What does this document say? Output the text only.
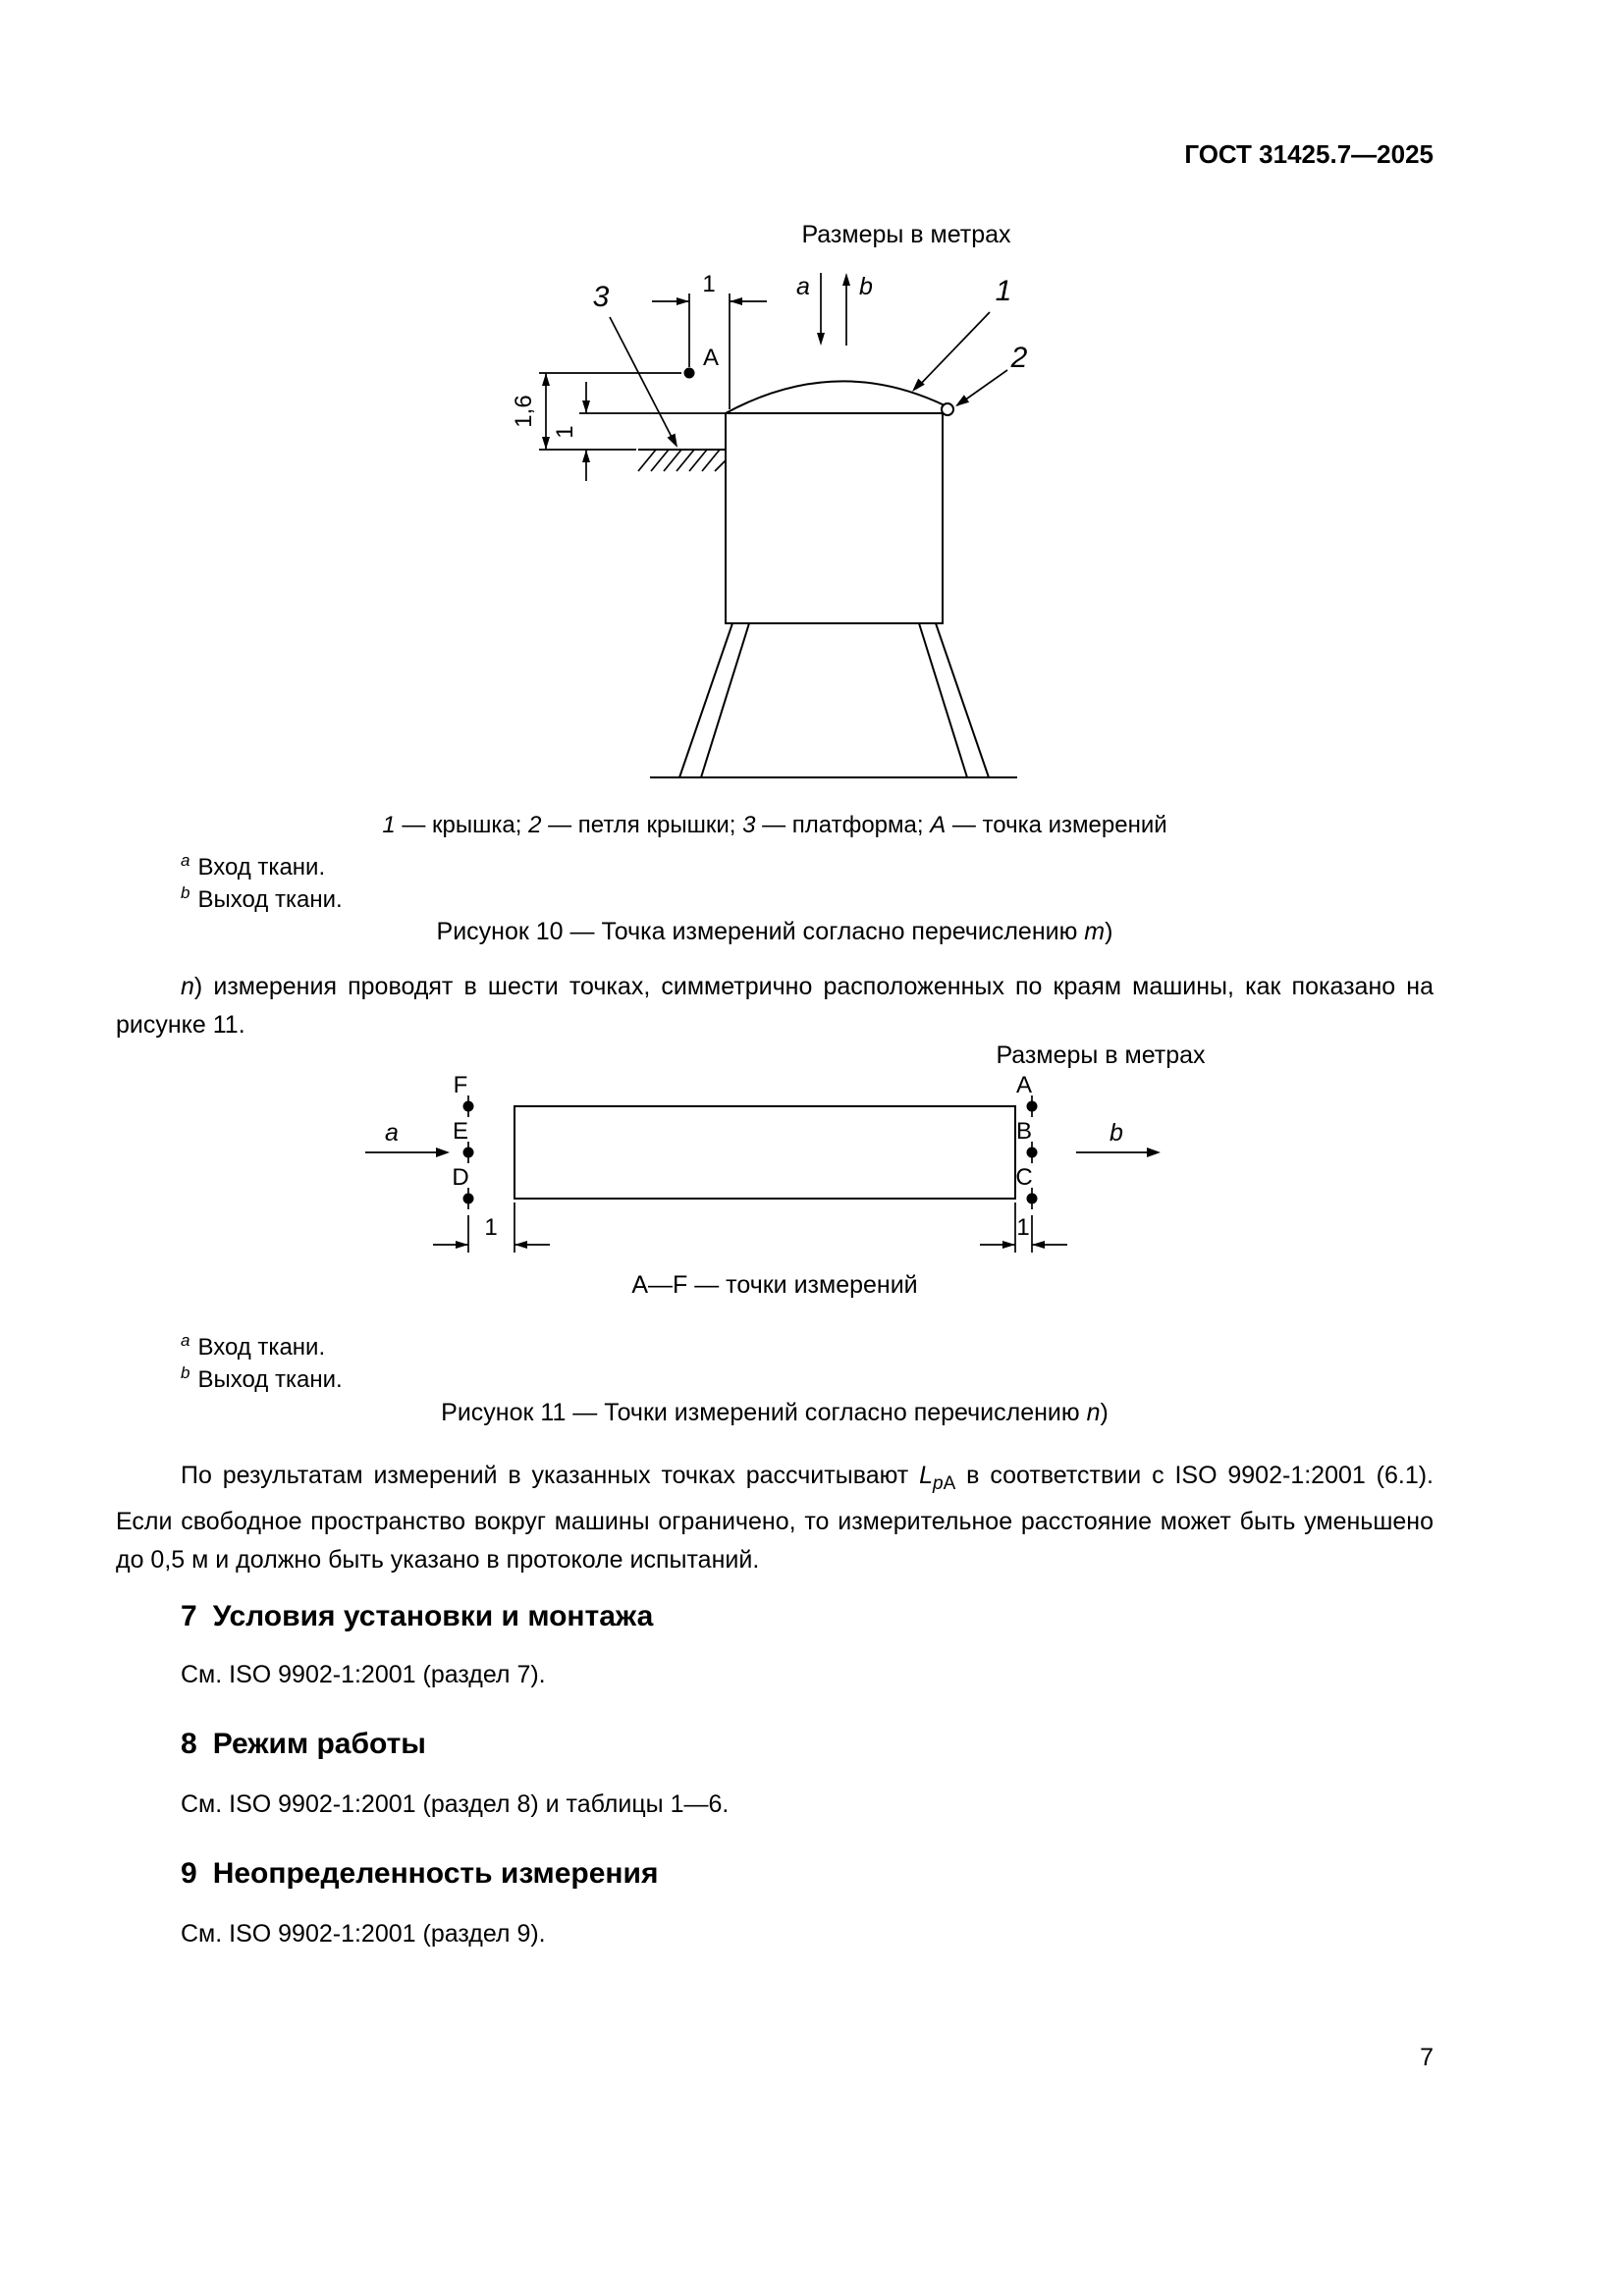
ГОСТ 31425.7—2025
Размеры в метрах
А
1
1,6
1
a b	1
2
3
1 — крышка; 2 — петля крышки; 3 — платформа; А — точка измерений
$^a$ Вход ткани.
$^b$ Выход ткани.
Рисунок 10 — Точка измерений согласно перечислению m)
n) измерения проводят в шести точках, симметрично расположенных по краям машины, как показано на рисунке 11.
Размеры в метрах
F
E
D
A
B
C
a	b
1	1
А—F — точки измерений
$^a$ Вход ткани.
$^b$ Выход ткани.
Рисунок 11 — Точки измерений согласно перечислению n)
По результатам измерений в указанных точках рассчитывают $L_{pА}$ в соответствии с ISO 9902-1:2001 (6.1). Если свободное пространство вокруг машины ограничено, то измерительное расстояние может быть уменьшено до 0,5 м и должно быть указано в протоколе испытаний.
7 Условия установки и монтажа
См. ISO 9902-1:2001 (раздел 7).
8 Режим работы
См. ISO 9902-1:2001 (раздел 8) и таблицы 1—6.
9 Неопределенность измерения
См. ISO 9902-1:2001 (раздел 9).
7
